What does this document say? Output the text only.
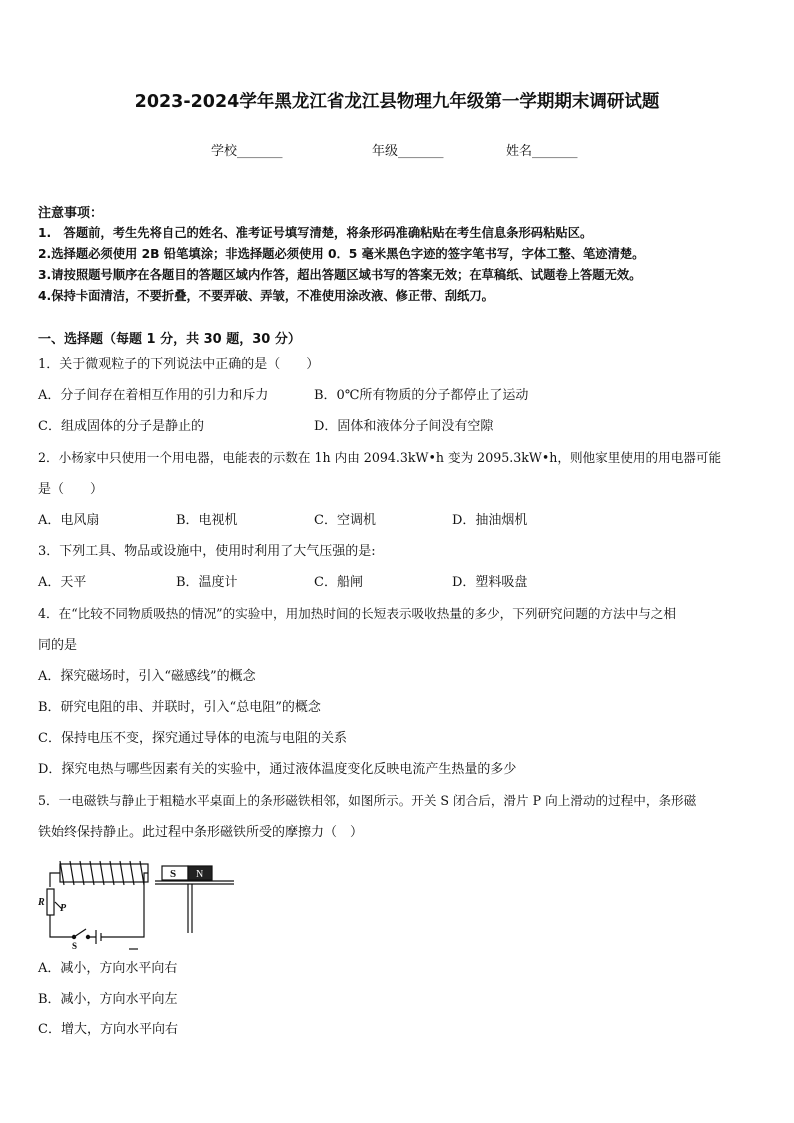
2023-2024学年黑龙江省龙江县物理九年级第一学期期末调研试题
学校_______	年级_______	姓名_______
注意事项：
1.　答题前，考生先将自己的姓名、准考证号填写清楚，将条形码准确粘贴在考生信息条形码粘贴区。
2.选择题必须使用 2B 铅笔填涂；非选择题必须使用 0．5 毫米黑色字迹的签字笔书写，字体工整、笔迹清楚。
3.请按照题号顺序在各题目的答题区域内作答，超出答题区域书写的答案无效；在草稿纸、试题卷上答题无效。
4.保持卡面清洁，不要折叠，不要弄破、弄皱，不准使用涂改液、修正带、刮纸刀。
一、选择题（每题 1 分，共 30 题，30 分）
1．关于微观粒子的下列说法中正确的是（　　）
A．分子间存在着相互作用的引力和斥力	B．0℃所有物质的分子都停止了运动
C．组成固体的分子是静止的	D．固体和液体分子间没有空隙
2．小杨家中只使用一个用电器，电能表的示数在 1h 内由 2094.3kW•h 变为 2095.3kW•h，则他家里使用的用电器可能
是（　　）
A．电风扇	B．电视机	C．空调机	D．抽油烟机
3．下列工具、物品或设施中，使用时利用了大气压强的是:
A．天平	B．温度计	C．船闸	D．塑料吸盘
4．在“比较不同物质吸热的情况”的实验中，用加热时间的长短表示吸收热量的多少，下列研究问题的方法中与之相
同的是
A．探究磁场时，引入“磁感线”的概念
B．研究电阻的串、并联时，引入“总电阻”的概念
C．保持电压不变，探究通过导体的电流与电阻的关系
D．探究电热与哪些因素有关的实验中，通过液体温度变化反映电流产生热量的多少
5．一电磁铁与静止于粗糙水平桌面上的条形磁铁相邻，如图所示。开关 S 闭合后，滑片 P 向上滑动的过程中，条形磁
铁始终保持静止。此过程中条形磁铁所受的摩擦力（　）
S N
R
P
S
A．减小，方向水平向右
B．减小，方向水平向左
C．增大，方向水平向右
